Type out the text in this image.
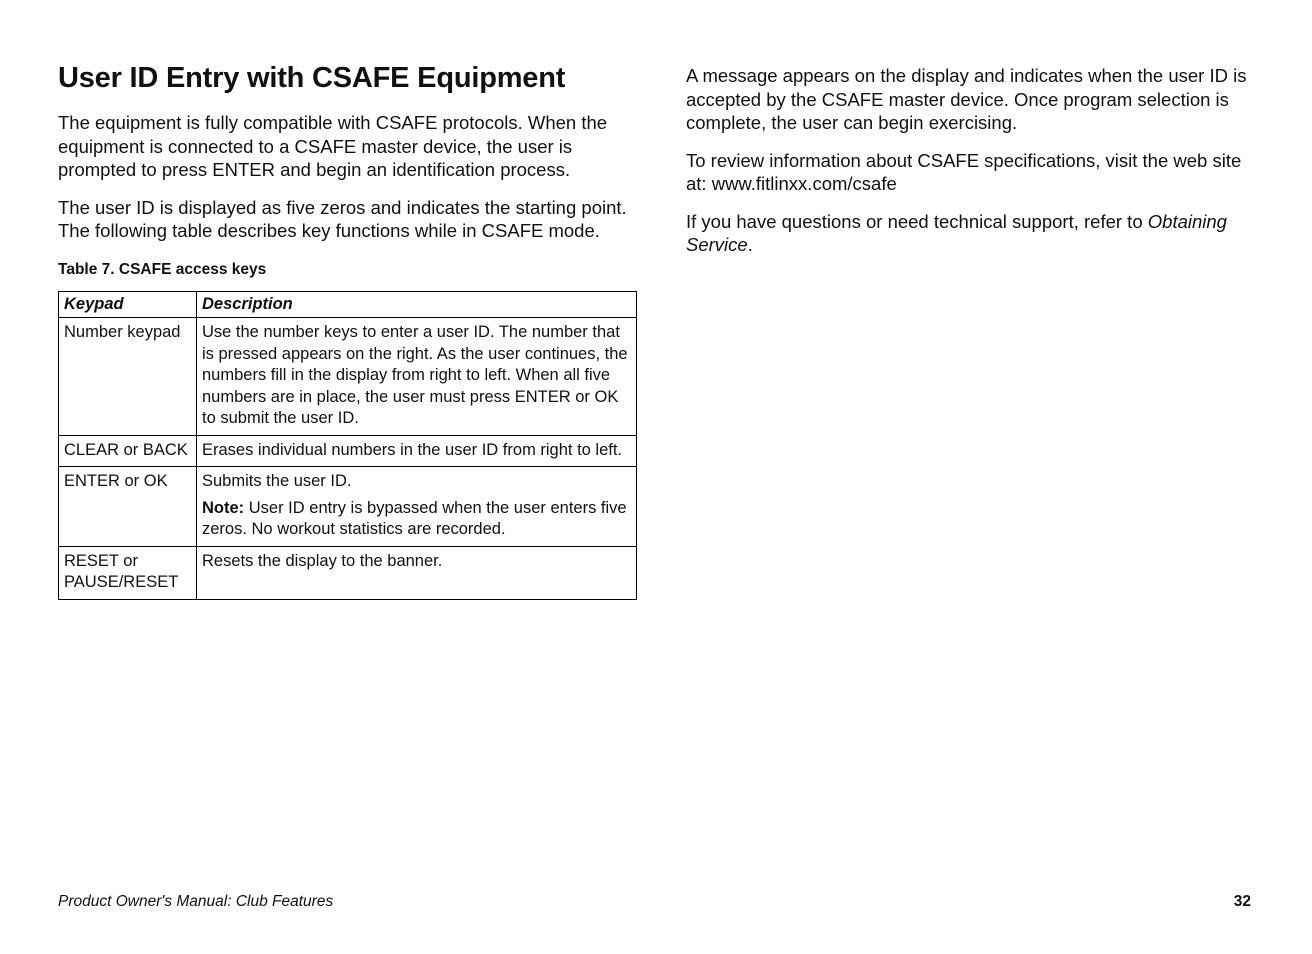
User ID Entry with CSAFE Equipment

The equipment is fully compatible with CSAFE protocols. When the equipment is connected to a CSAFE master device, the user is prompted to press ENTER and begin an identification process.

The user ID is displayed as five zeros and indicates the starting point. The following table describes key functions while in CSAFE mode.

Table 7. CSAFE access keys
Keypad	Description
Number keypad	Use the number keys to enter a user ID. The number that is pressed appears on the right. As the user continues, the numbers fill in the display from right to left. When all five numbers are in place, the user must press ENTER or OK to submit the user ID.
CLEAR or BACK	Erases individual numbers in the user ID from right to left.
ENTER or OK	Submits the user ID.
Note: User ID entry is bypassed when the user enters five zeros. No workout statistics are recorded.

RESET or PAUSE/RESET	Resets the display to the banner.

A message appears on the display and indicates when the user ID is accepted by the CSAFE master device. Once program selection is complete, the user can begin exercising.

To review information about CSAFE specifications, visit the web site at: www.fitlinxx.com/csafe

If you have questions or need technical support, refer to Obtaining Service.

Product Owner's Manual: Club Features	32
